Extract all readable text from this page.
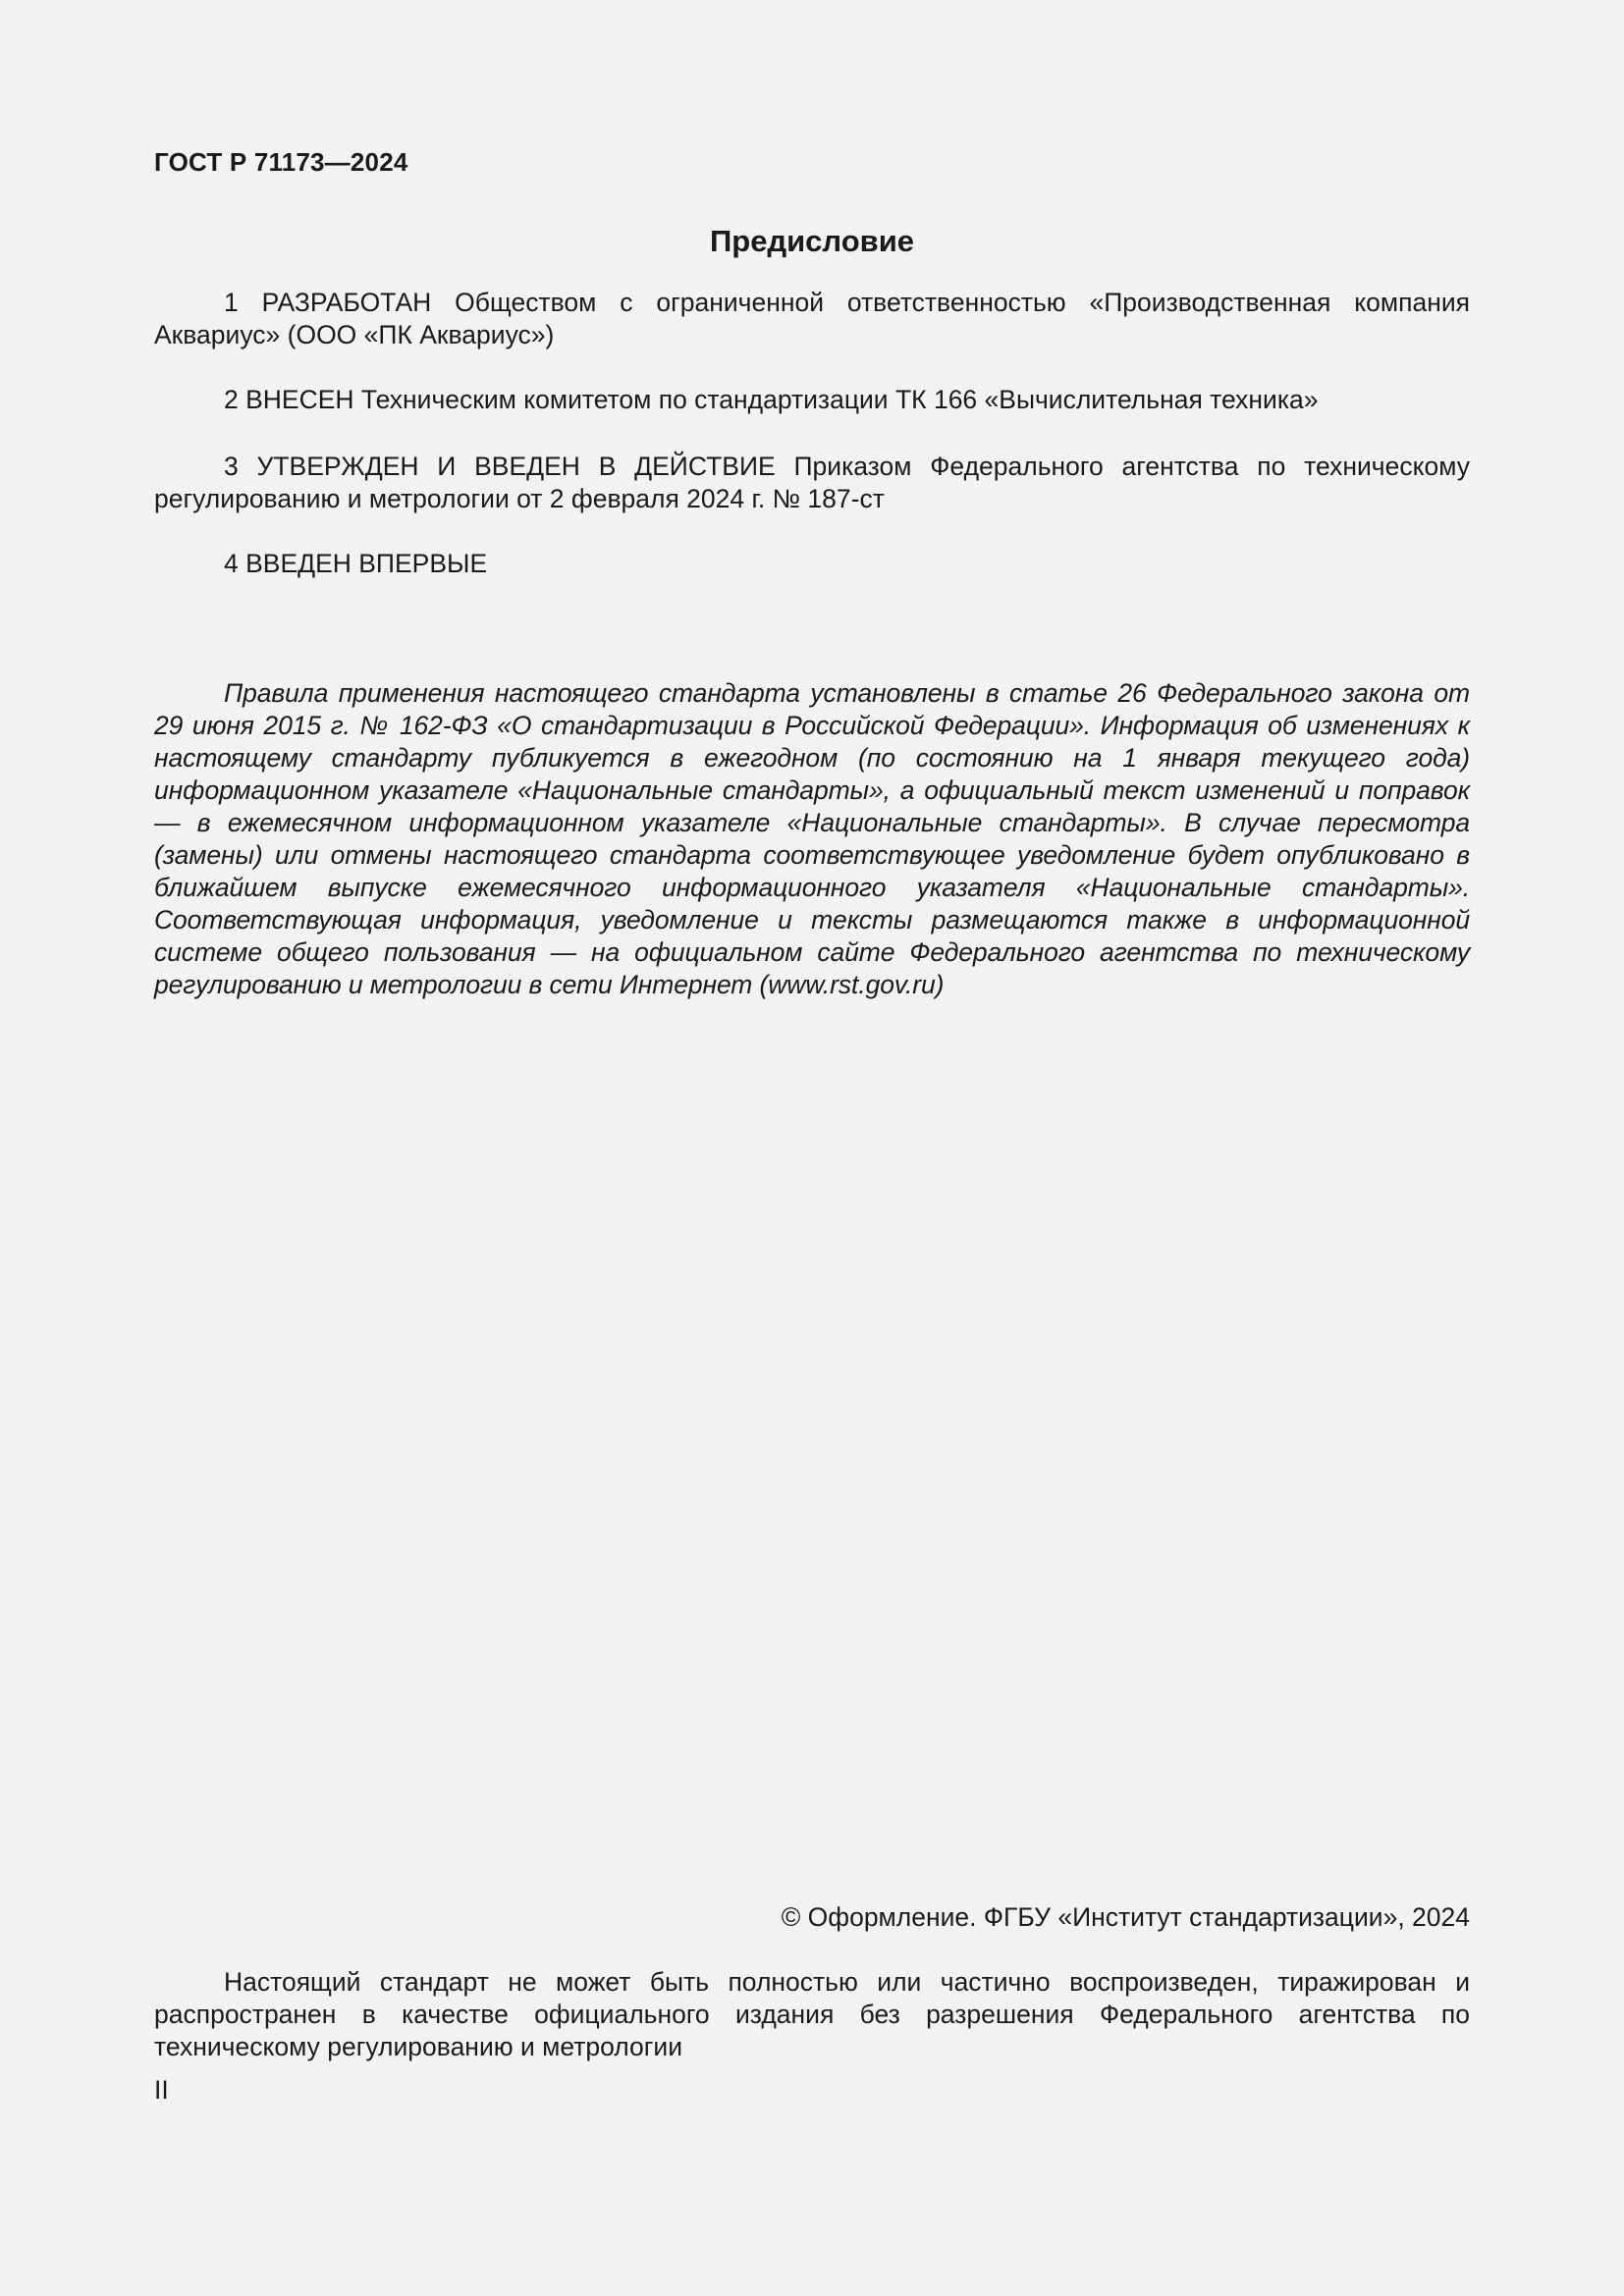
ГОСТ Р 71173—2024
Предисловие
1 РАЗРАБОТАН Обществом с ограниченной ответственностью «Производственная компания Аквариус» (ООО «ПК Аквариус»)
2 ВНЕСЕН Техническим комитетом по стандартизации ТК 166 «Вычислительная техника»
3 УТВЕРЖДЕН И ВВЕДЕН В ДЕЙСТВИЕ Приказом Федерального агентства по техническому регулированию и метрологии от 2 февраля 2024 г. № 187-ст
4 ВВЕДЕН ВПЕРВЫЕ
Правила применения настоящего стандарта установлены в статье 26 Федерального закона от 29 июня 2015 г. № 162-ФЗ «О стандартизации в Российской Федерации». Информация об изменениях к настоящему стандарту публикуется в ежегодном (по состоянию на 1 января текущего года) информационном указателе «Национальные стандарты», а официальный текст изменений и поправок — в ежемесячном информационном указателе «Национальные стандарты». В случае пересмотра (замены) или отмены настоящего стандарта соответствующее уведомление будет опубликовано в ближайшем выпуске ежемесячного информационного указателя «Национальные стандарты». Соответствующая информация, уведомление и тексты размещаются также в информационной системе общего пользования — на официальном сайте Федерального агентства по техническому регулированию и метрологии в сети Интернет (www.rst.gov.ru)
© Оформление. ФГБУ «Институт стандартизации», 2024
Настоящий стандарт не может быть полностью или частично воспроизведен, тиражирован и распространен в качестве официального издания без разрешения Федерального агентства по техническому регулированию и метрологии
II
